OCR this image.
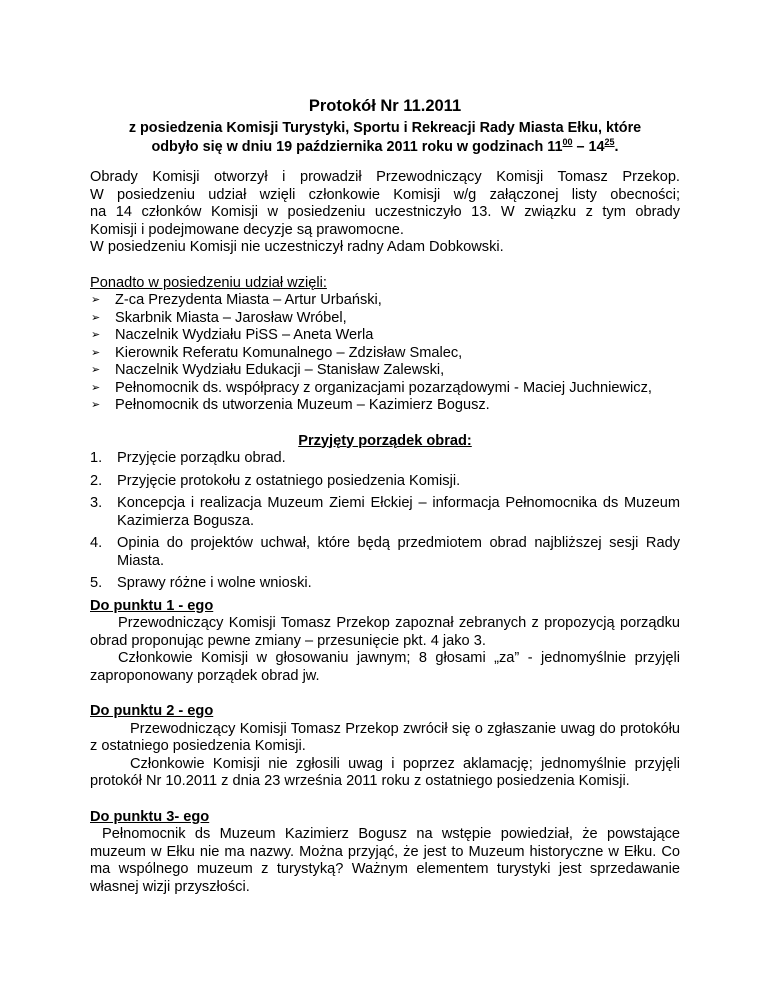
Protokół Nr 11.2011
z posiedzenia Komisji Turystyki, Sportu i Rekreacji Rady Miasta Ełku, które
odbyło się w dniu 19 października 2011 roku w godzinach $11^{00} - 14^{25}$.

Obrady Komisji otworzył i prowadził Przewodniczący Komisji Tomasz Przekop.

W posiedzeniu udział wzięli członkowie Komisji w/g załączonej listy obecności;

na 14 członków Komisji w posiedzeniu uczestniczyło 13. W związku z tym obrady

Komisji i podejmowane decyzje są prawomocne.

W posiedzeniu Komisji nie uczestniczył radny Adam Dobkowski.

Ponadto w posiedzeniu udział wzięli:

➢ Z-ca Prezydenta Miasta – Artur Urbański,
➢ Skarbnik Miasta – Jarosław Wróbel,
➢ Naczelnik Wydziału PiSS – Aneta Werla
➢ Kierownik Referatu Komunalnego – Zdzisław Smalec,
➢ Naczelnik Wydziału Edukacji – Stanisław Zalewski,
➢ Pełnomocnik ds. współpracy z organizacjami pozarządowymi - Maciej Juchniewicz,
➢ Pełnomocnik ds utworzenia Muzeum – Kazimierz Bogusz.
Przyjęty porządek obrad:
1. Przyjęcie porządku obrad.
2. Przyjęcie protokołu z ostatniego posiedzenia Komisji.
3. Koncepcja i realizacja Muzeum Ziemi Ełckiej – informacja Pełnomocnika ds Muzeum Kazimierza Bogusza.
4. Opinia do projektów uchwał, które będą przedmiotem obrad najbliższej sesji Rady Miasta.
5. Sprawy różne i wolne wnioski.
Do punktu 1 - ego

Przewodniczący Komisji Tomasz Przekop zapoznał zebranych z propozycją porządku obrad proponując pewne zmiany – przesunięcie pkt. 4 jako 3.

Członkowie Komisji w głosowaniu jawnym; 8 głosami „za” - jednomyślnie przyjęli zaproponowany porządek obrad jw.

Do punktu 2 - ego

Przewodniczący Komisji Tomasz Przekop zwrócił się o zgłaszanie uwag do protokółu z ostatniego posiedzenia Komisji.

Członkowie Komisji nie zgłosili uwag i poprzez aklamację; jednomyślnie przyjęli protokół Nr 10.2011 z dnia 23 września 2011 roku z ostatniego posiedzenia Komisji.

Do punktu 3- ego

Pełnomocnik ds Muzeum Kazimierz Bogusz na wstępie powiedział, że powstające muzeum w Ełku nie ma nazwy. Można przyjąć, że jest to Muzeum historyczne w Ełku. Co ma wspólnego muzeum z turystyką? Ważnym elementem turystyki jest sprzedawanie własnej wizji przyszłości.
